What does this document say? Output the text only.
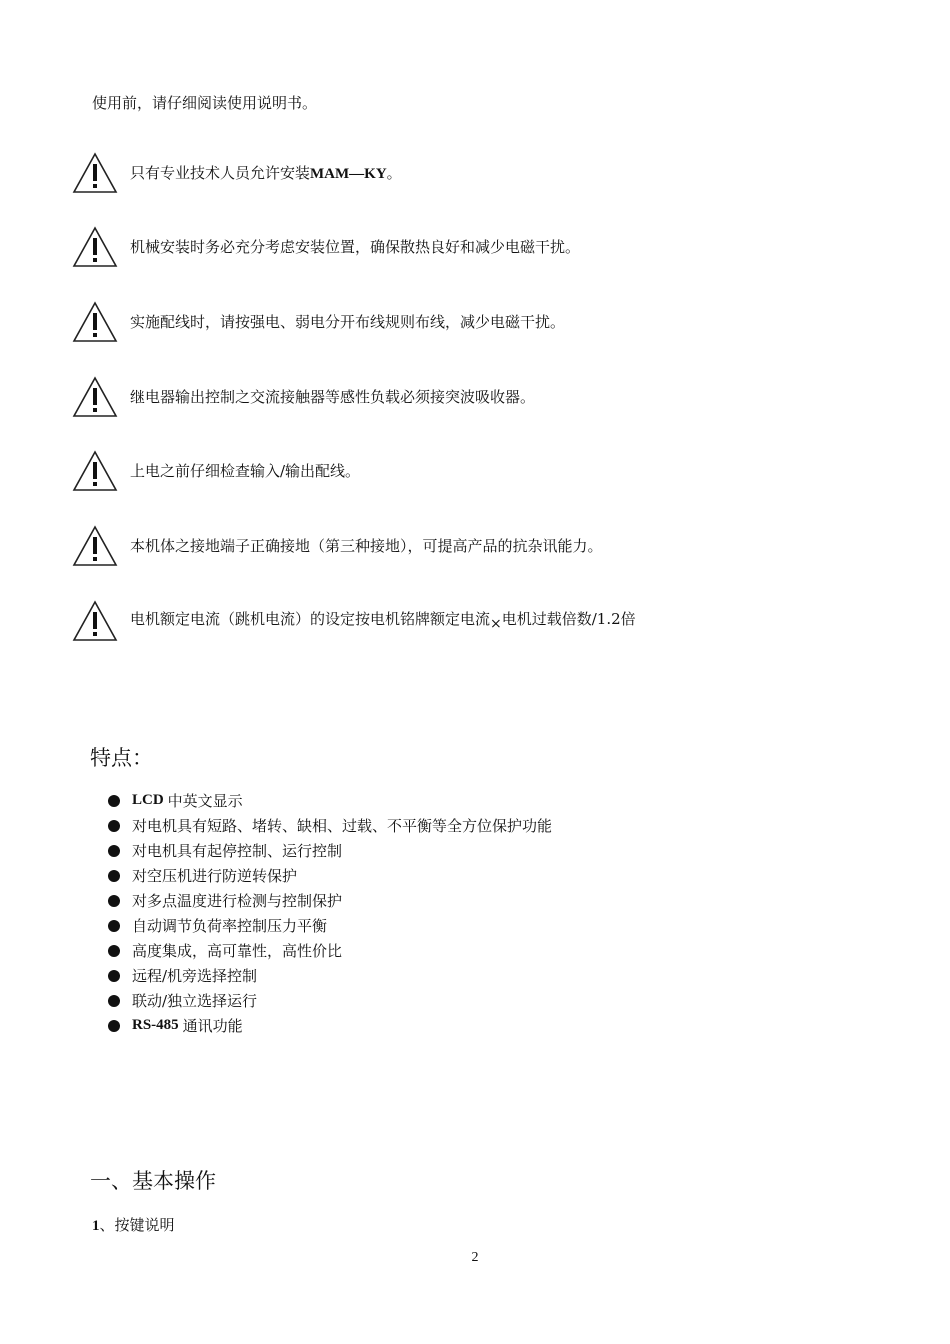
使用前，请仔细阅读使用说明书。
只有专业技术人员允许安装MAM—KY。
机械安装时务必充分考虑安装位置，确保散热良好和减少电磁干扰。
实施配线时，请按强电、弱电分开布线规则布线，减少电磁干扰。
继电器输出控制之交流接触器等感性负载必须接突波吸收器。
上电之前仔细检查输入/输出配线。
本机体之接地端子正确接地（第三种接地），可提高产品的抗杂讯能力。
电机额定电流（跳机电流）的设定按电机铭牌额定电流×电机过载倍数/1.2倍
特点：
LCD 中英文显示
对电机具有短路、堵转、缺相、过载、不平衡等全方位保护功能
对电机具有起停控制、运行控制
对空压机进行防逆转保护
对多点温度进行检测与控制保护
自动调节负荷率控制压力平衡
高度集成，高可靠性，高性价比
远程/机旁选择控制
联动/独立选择运行
RS-485 通讯功能
一、基本操作
1、按键说明
2
